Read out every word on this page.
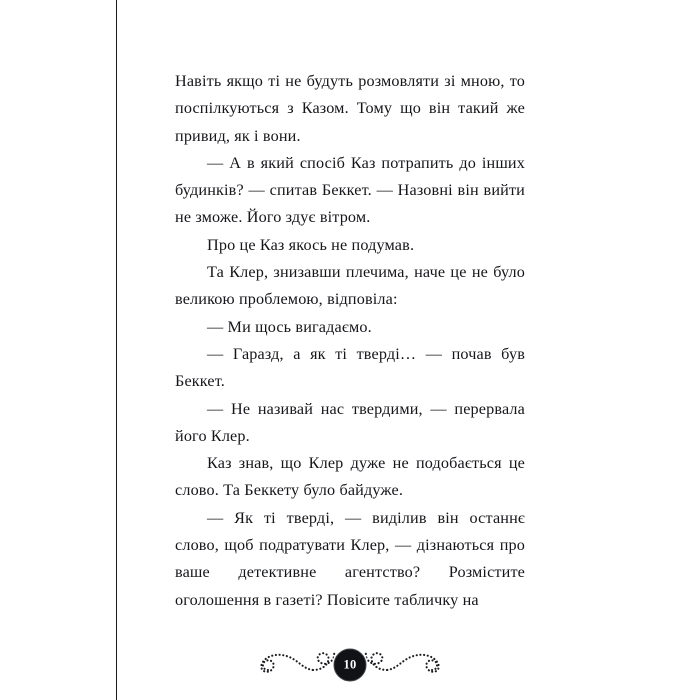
Навіть якщо ті не будуть розмовляти зі мною, то поспілкуються з Казом. Тому що він такий же привид, як і вони.

— А в який спосіб Каз потрапить до інших будинків? — спитав Беккет. — Назовні він вийти не зможе. Його здує вітром.

Про це Каз якось не подумав.

Та Клер, знизавши плечима, наче це не було великою проблемою, відповіла:

— Ми щось вигадаємо.

— Гаразд, а як ті тверді… — почав був Беккет.

— Не називай нас твердими, — перервала його Клер.

Каз знав, що Клер дуже не подобається це слово. Та Беккету було байдуже.

— Як ті тверді, — виділив він останнє слово, щоб подратувати Клер, — дізнаються про ваше детективне агентство? Розмістите оголошення в газеті? Повісите табличку на

10
